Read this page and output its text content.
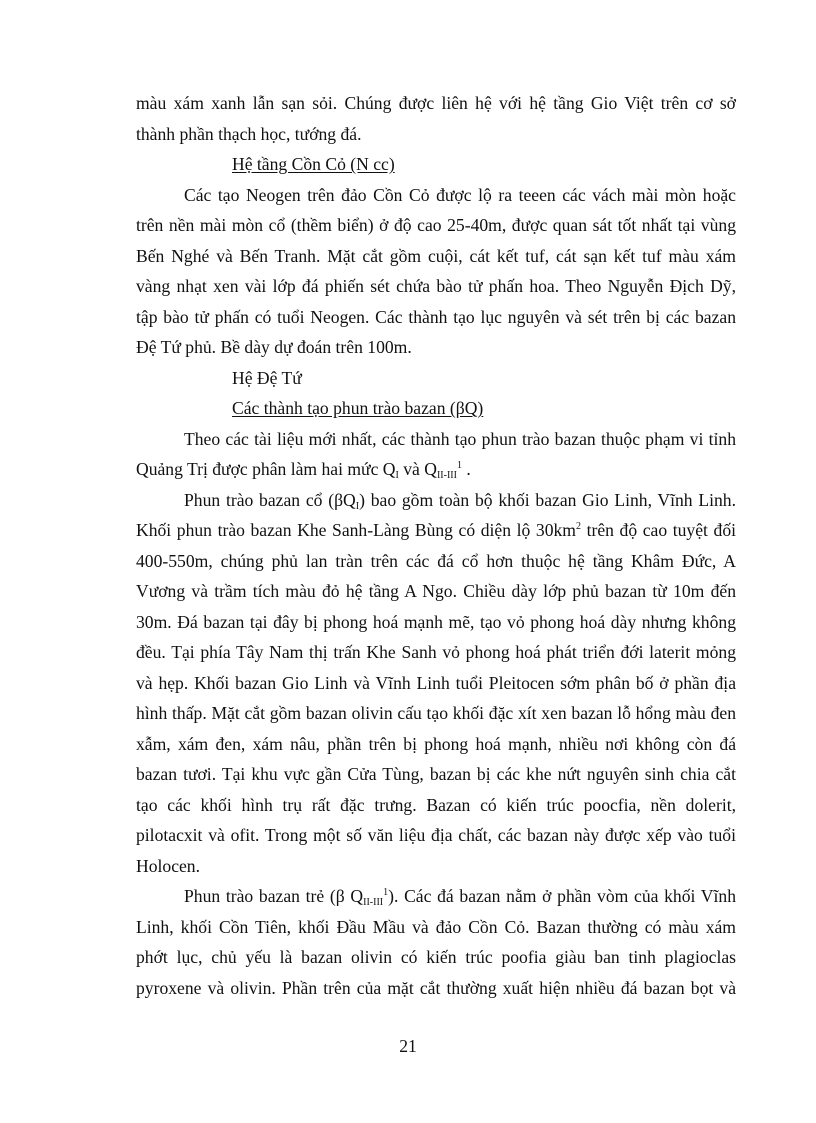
màu xám xanh lẫn sạn sỏi. Chúng được liên hệ với hệ tầng Gio Việt trên cơ sở
thành phần thạch học, tướng đá.
Hệ tầng Cồn Cỏ (N cc)
Các tạo Neogen trên đảo Cồn Cỏ được lộ ra teeen các vách mài mòn hoặc
trên nền mài mòn cổ (thềm biển) ở độ cao 25-40m, được quan sát tốt nhất tại vùng
Bến Nghé và Bến Tranh. Mặt cắt gồm cuội, cát kết tuf, cát sạn kết tuf màu xám
vàng nhạt xen vài lớp đá phiến sét chứa bào tử phấn hoa. Theo Nguyễn Địch Dỹ,
tập bào tử phấn có tuổi Neogen. Các thành tạo lục nguyên và sét trên bị các bazan
Đệ Tứ phủ. Bề dày dự đoán trên 100m.
Hệ Đệ Tứ
Các thành tạo phun trào bazan (βQ)
Theo các tài liệu mới nhất, các thành tạo phun trào bazan thuộc phạm vi tỉnh
Quảng Trị được phân làm hai mức $Q_I$ và $Q_{II-III}^1$ .
Phun trào bazan cổ $(\beta Q_I)$ bao gồm toàn bộ khối bazan Gio Linh, Vĩnh Linh.
Khối phun trào bazan Khe Sanh-Làng Bùng có diện lộ $30km^2$ trên độ cao tuyệt đối
400-550m, chúng phủ lan tràn trên các đá cổ hơn thuộc hệ tầng Khâm Đức, A
Vương và trầm tích màu đỏ hệ tầng A Ngo. Chiều dày lớp phủ bazan từ 10m đến
30m. Đá bazan tại đây bị phong hoá mạnh mẽ, tạo vỏ phong hoá dày nhưng không
đều. Tại phía Tây Nam thị trấn Khe Sanh vỏ phong hoá phát triển đới laterit mỏng
và hẹp. Khối bazan Gio Linh và Vĩnh Linh tuổi Pleitocen sớm phân bố ở phần địa
hình thấp. Mặt cắt gồm bazan olivin cấu tạo khối đặc xít xen bazan lỗ hổng màu đen
xẫm, xám đen, xám nâu, phần trên bị phong hoá mạnh, nhiều nơi không còn đá
bazan tươi. Tại khu vực gần Cửa Tùng, bazan bị các khe nứt nguyên sinh chia cắt
tạo các khối hình trụ rất đặc trưng. Bazan có kiến trúc poocfia, nền dolerit,
pilotacxit và ofit. Trong một số văn liệu địa chất, các bazan này được xếp vào tuổi
Holocen.
Phun trào bazan trẻ (β $Q_{II-III}^1$). Các đá bazan nằm ở phần vòm của khối Vĩnh
Linh, khối Cồn Tiên, khối Đầu Mầu và đảo Cồn Cỏ. Bazan thường có màu xám
phớt lục, chủ yếu là bazan olivin có kiến trúc poofia giàu ban tinh plagioclas
pyroxene và olivin. Phần trên của mặt cắt thường xuất hiện nhiều đá bazan bọt và
21
